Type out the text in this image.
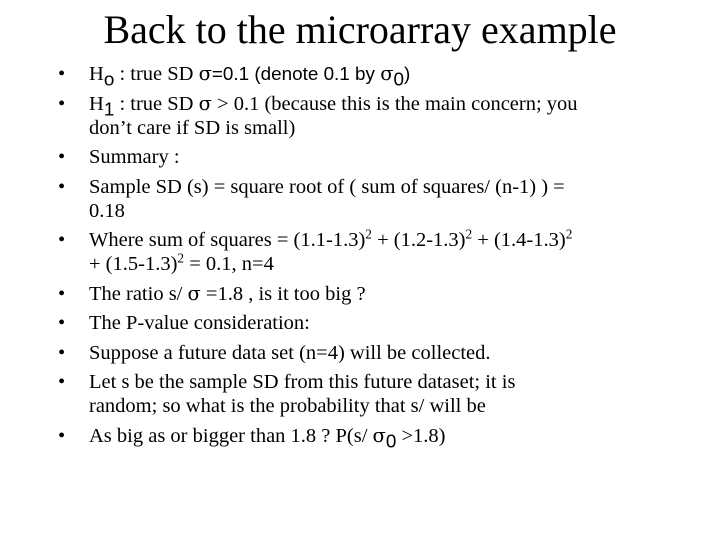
Back to the microarray example
•	$H_o$ : true SD σ=0.1 (denote 0.1 by $\sigma_0$)
•	$H_1$ : true SD σ > 0.1 (because this is the main concern; you
don’t care if SD is small)
•	Summary :
•	Sample SD (s) = square root of ( sum of squares/ (n-1) ) =
0.18
•	Where sum of squares = $(1.1-1.3)^2 + (1.2-1.3)^2 + (1.4-1.3)^2$
+ $(1.5-1.3)^2 = 0.1$, n=4
•	The ratio s/ σ =1.8 , is it too big ?
•	The P-value consideration:
•	Suppose a future data set (n=4) will be collected.
•	Let s be the sample SD from this future dataset; it is
random; so what is the probability that s/ will be
•	As big as or bigger than 1.8 ? P(s/ $\sigma_0 >1.8$)
